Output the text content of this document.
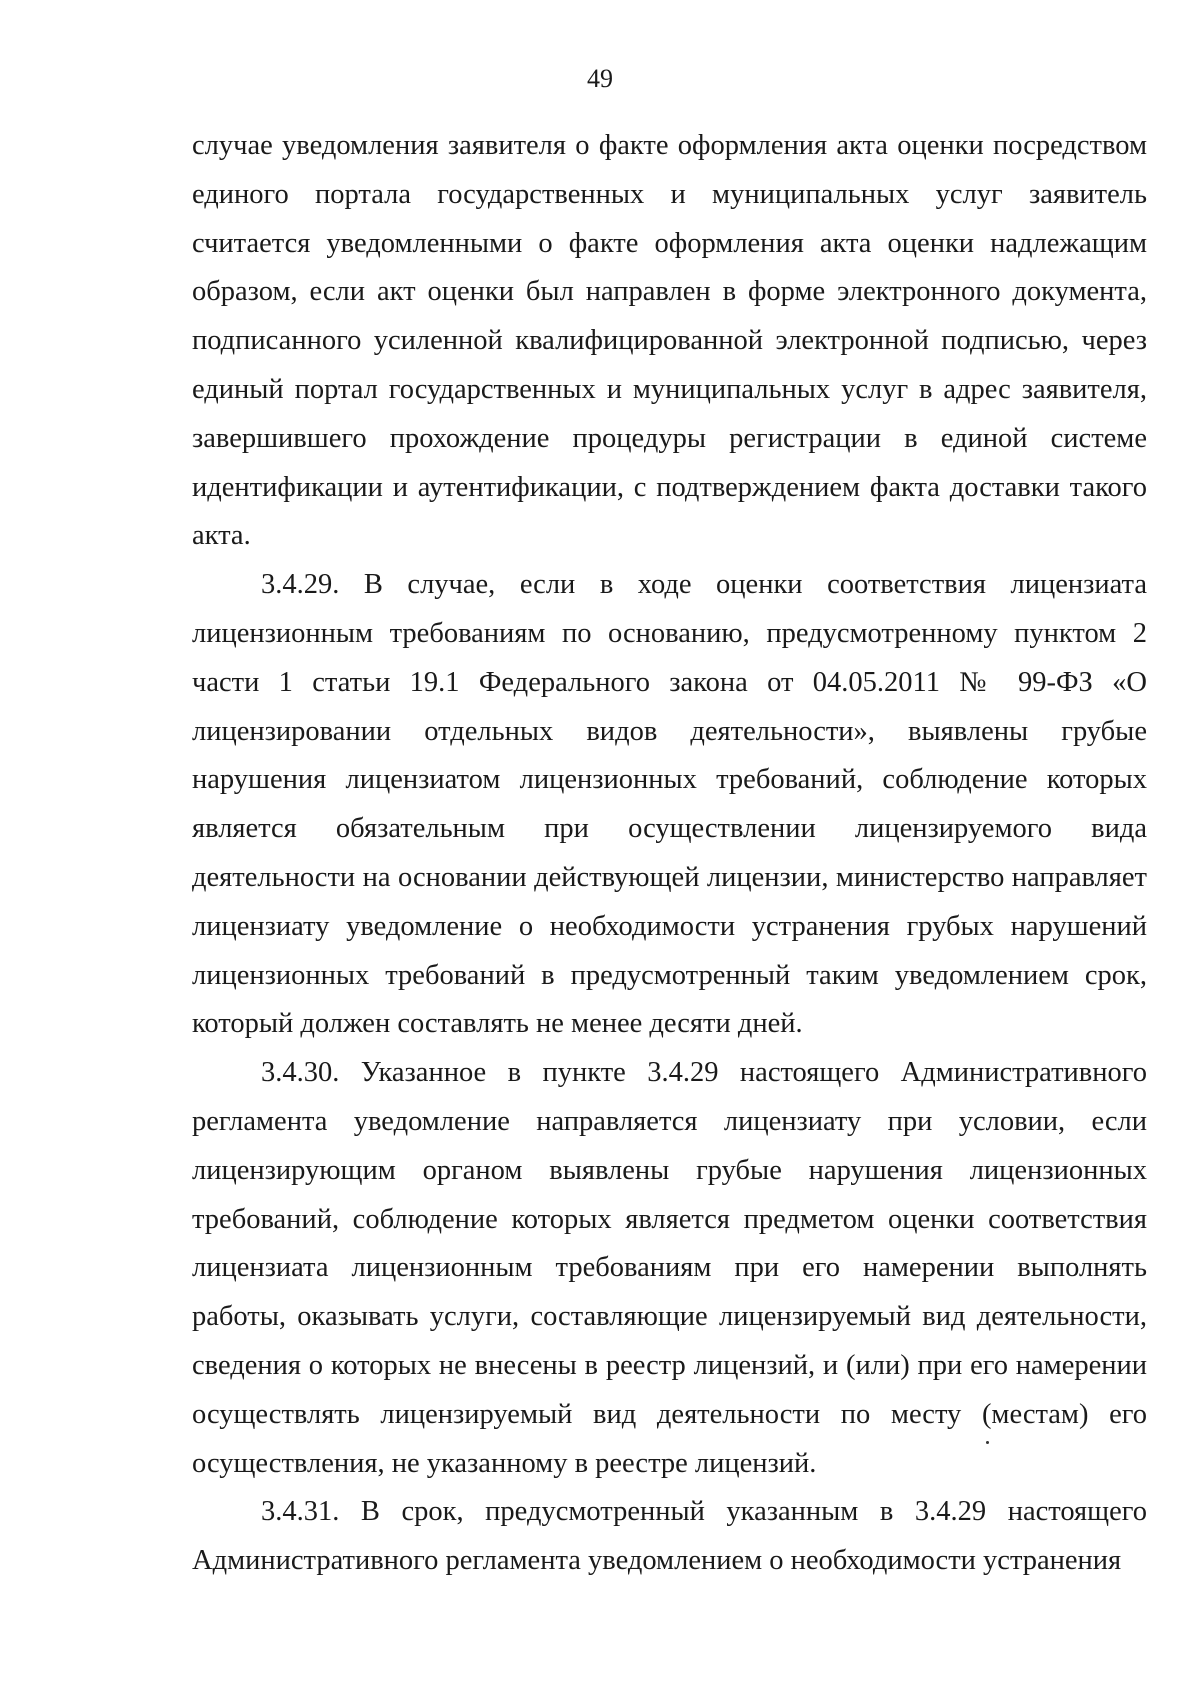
49

случае уведомления заявителя о факте оформления акта оценки посредством единого портала государственных и муниципальных услуг заявитель считается уведомленными о факте оформления акта оценки надлежащим образом, если акт оценки был направлен в форме электронного документа, подписанного усиленной квалифицированной электронной подписью, через единый портал государственных и муниципальных услуг в адрес заявителя, завершившего прохождение процедуры регистрации в единой системе идентификации и аутентификации, с подтверждением факта доставки такого акта.

3.4.29. В случае, если в ходе оценки соответствия лицензиата лицензионным требованиям по основанию, предусмотренному пунктом 2 части 1 статьи 19.1 Федерального закона от 04.05.2011 № 99-ФЗ «О лицензировании отдельных видов деятельности», выявлены грубые нарушения лицензиатом лицензионных требований, соблюдение которых является обязательным при осуществлении лицензируемого вида деятельности на основании действующей лицензии, министерство направляет лицензиату уведомление о необходимости устранения грубых нарушений лицензионных требований в предусмотренный таким уведомлением срок, который должен составлять не менее десяти дней.

3.4.30. Указанное в пункте 3.4.29 настоящего Административного регламента уведомление направляется лицензиату при условии, если лицензирующим органом выявлены грубые нарушения лицензионных требований, соблюдение которых является предметом оценки соответствия лицензиата лицензионным требованиям при его намерении выполнять работы, оказывать услуги, составляющие лицензируемый вид деятельности, сведения о которых не внесены в реестр лицензий, и (или) при его намерении осуществлять лицензируемый вид деятельности по месту (местам) его осуществления, не указанному в реестре лицензий.

3.4.31. В срок, предусмотренный указанным в 3.4.29 настоящего Административного регламента уведомлением о необходимости устранения
